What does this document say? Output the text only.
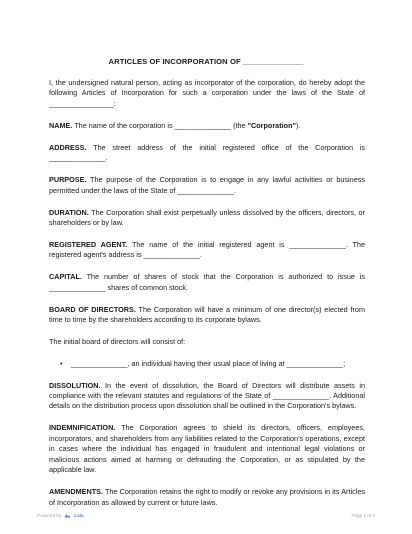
ARTICLES OF INCORPORATION OF ______________

I, the undersigned natural person, acting as incorporator of the corporation, do hereby adopt the following Articles of Incorporation for such a corporation under the laws of the State of ________________:

NAME. The name of the corporation is ______________ (the "Corporation").

ADDRESS. The street address of the initial registered office of the Corporation is ______________.

PURPOSE. The purpose of the Corporation is to engage in any lawful activities or business permitted under the laws of the State of ______________.

DURATION. The Corporation shall exist perpetually unless dissolved by the officers, directors, or shareholders or by law.

REGISTERED AGENT. The name of the initial registered agent is ______________. The registered agent's address is ______________.

CAPITAL. The number of shares of stock that the Corporation is authorized to issue is ______________ shares of common stock.

BOARD OF DIRECTORS. The Corporation will have a minimum of one director(s) elected from time to time by the shareholders according to its corporate bylaws.

The initial board of directors will consist of:

•	______________, an individual having their usual place of living at ______________;

DISSOLUTION. In the event of dissolution, the Board of Directors will distribute assets in compliance with the relevant statutes and regulations of the State of ______________. Additional details on the distribution process upon dissolution shall be outlined in the Corporation's bylaws.

INDEMNIFICATION. The Corporation agrees to shield its directors, officers, employees, incorporators, and shareholders from any liabilities related to the Corporation's operations, except in cases where the individual has engaged in fraudulent and intentional legal violations or malicious actions aimed at harming or defrauding the Corporation, or as stipulated by the applicable law.

AMENDMENTS. The Corporation retains the right to modify or revoke any provisions in its Articles of Incorporation as allowed by current or future laws.

Powered by	Lalo	Page 1 of 2
